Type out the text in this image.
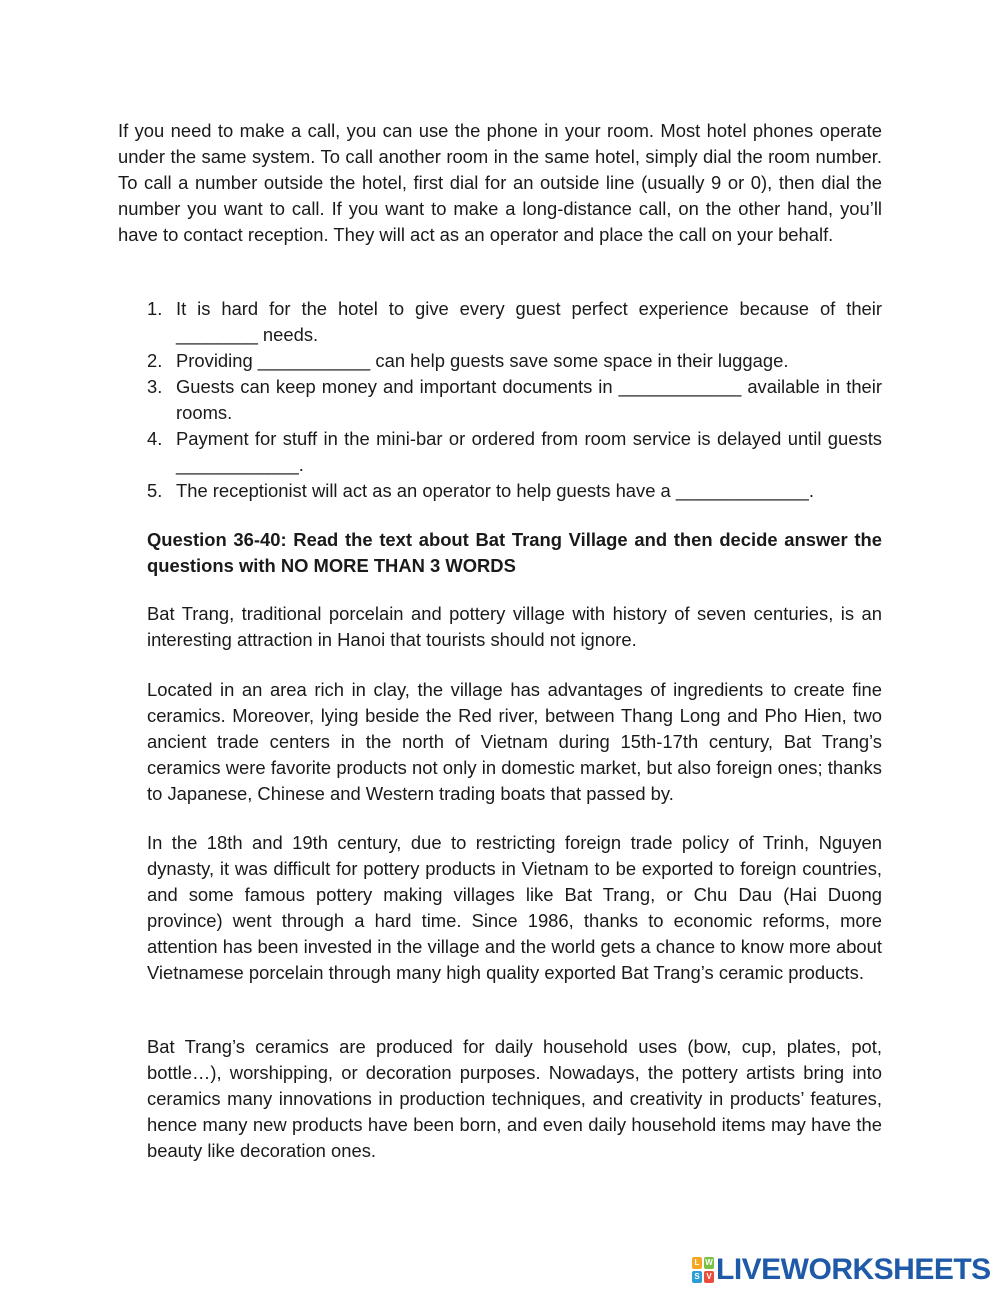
If you need to make a call, you can use the phone in your room. Most hotel phones operate under the same system. To call another room in the same hotel, simply dial the room number. To call a number outside the hotel, first dial for an outside line (usually 9 or 0), then dial the number you want to call. If you want to make a long-distance call, on the other hand, you’ll have to contact reception. They will act as an operator and place the call on your behalf.

1. It is hard for the hotel to give every guest perfect experience because of their ________ needs.
2. Providing ___________ can help guests save some space in their luggage.
3. Guests can keep money and important documents in ____________ available in their rooms.
4. Payment for stuff in the mini-bar or ordered from room service is delayed until guests ____________.
5. The receptionist will act as an operator to help guests have a _____________.

Question 36-40: Read the text about Bat Trang Village and then decide answer the questions with NO MORE THAN 3 WORDS

Bat Trang, traditional porcelain and pottery village with history of seven centuries, is an interesting attraction in Hanoi that tourists should not ignore.

Located in an area rich in clay, the village has advantages of ingredients to create fine ceramics. Moreover, lying beside the Red river, between Thang Long and Pho Hien, two ancient trade centers in the north of Vietnam during 15th-17th century, Bat Trang’s ceramics were favorite products not only in domestic market, but also foreign ones; thanks to Japanese, Chinese and Western trading boats that passed by.

In the 18th and 19th century, due to restricting foreign trade policy of Trinh, Nguyen dynasty, it was difficult for pottery products in Vietnam to be exported to foreign countries, and some famous pottery making villages like Bat Trang, or Chu Dau (Hai Duong province) went through a hard time. Since 1986, thanks to economic reforms, more attention has been invested in the village and the world gets a chance to know more about Vietnamese porcelain through many high quality exported Bat Trang’s ceramic products.

Bat Trang’s ceramics are produced for daily household uses (bow, cup, plates, pot, bottle…), worshipping, or decoration purposes. Nowadays, the pottery artists bring into ceramics many innovations in production techniques, and creativity in products’ features, hence many new products have been born, and even daily household items may have the beauty like decoration ones.

L W
S V LIVEWORKSHEETS
